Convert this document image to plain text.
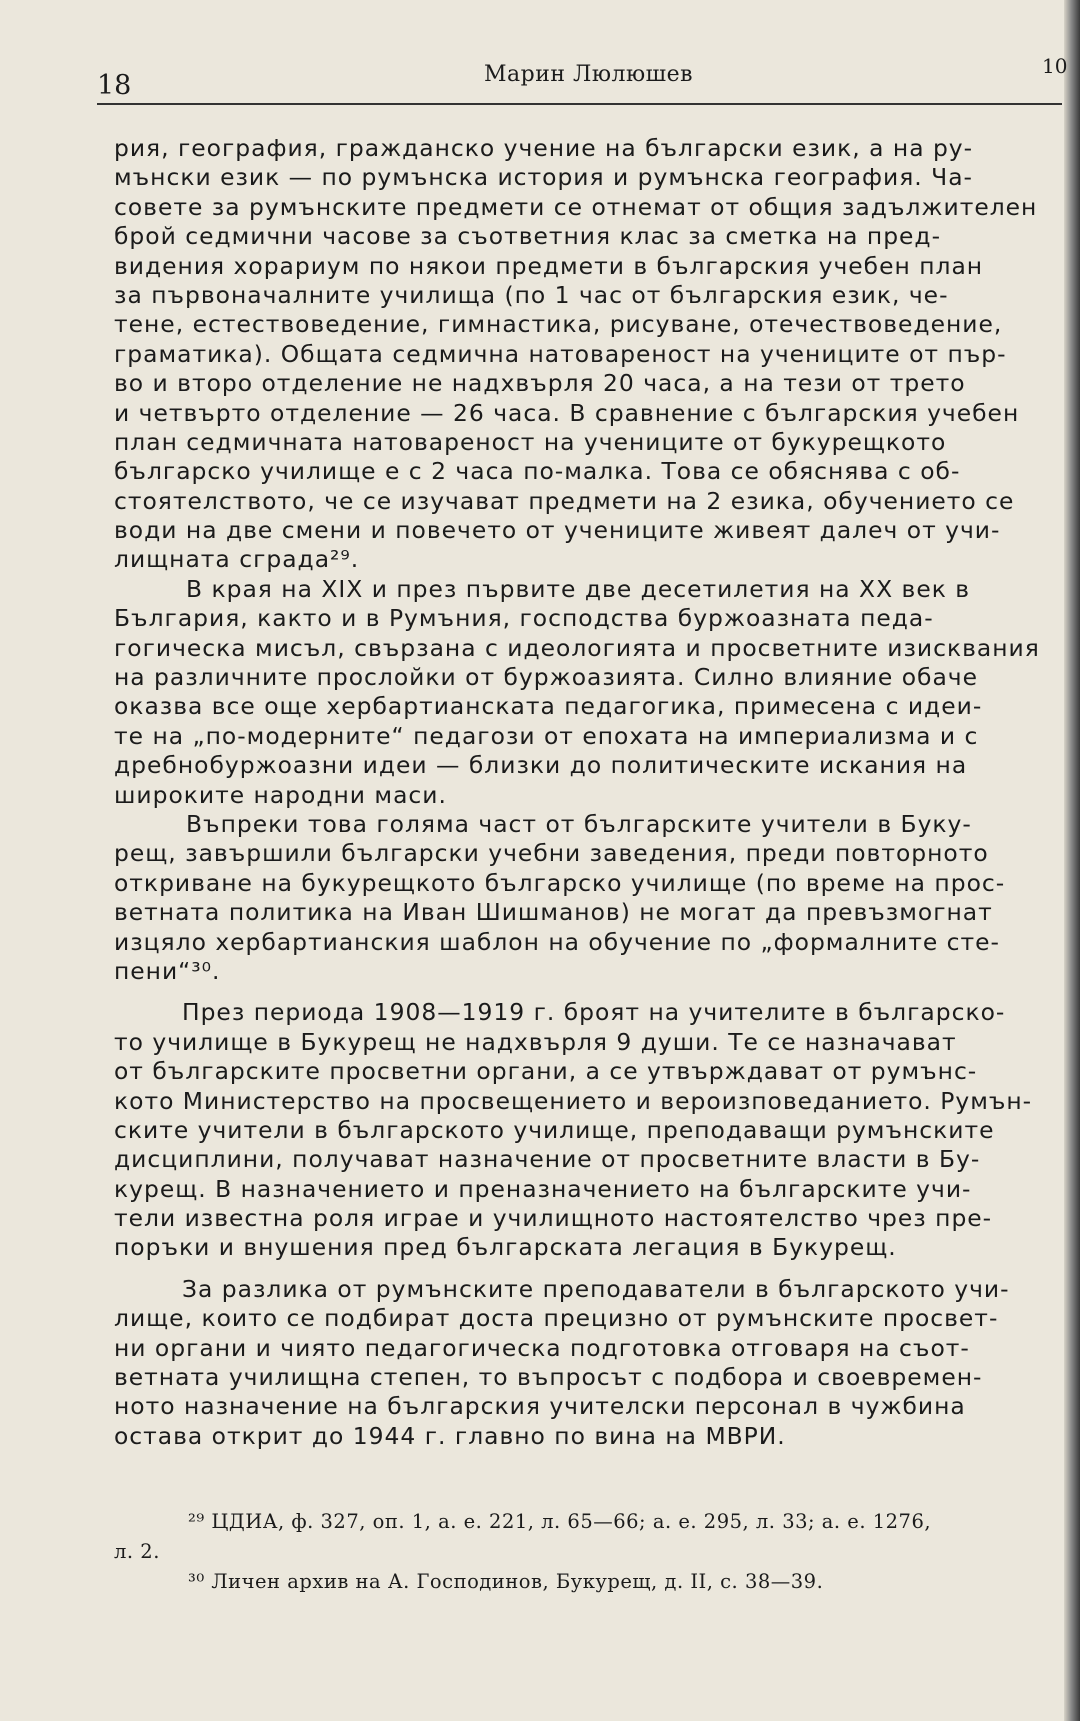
18	Марин Люлюшев	10
рия, география, гражданско учение на български език, а на ру-
мънски език — по румънска история и румънска география. Ча-
совете за румънските предмети се отнемат от общия задължителен
брой седмични часове за съответния клас за сметка на пред-
видения хорариум по някои предмети в българския учебен план
за първоначалните училища (по 1 час от българския език, че-
тене, естествоведение, гимнастика, рисуване, отечествоведение,
граматика). Общата седмична натовареност на учениците от пър-
во и второ отделение не надхвърля 20 часа, а на тези от трето
и четвърто отделение — 26 часа. В сравнение с българския учебен
план седмичната натовареност на учениците от букурещкото
българско училище е с 2 часа по-малка. Това се обяснява с об-
стоятелството, че се изучават предмети на 2 езика, обучението се
води на две смени и повечето от учениците живеят далеч от учи-
лищната сграда²⁹.
В края на XIX и през първите две десетилетия на XX век в
България, както и в Румъния, господства буржоазната педа-
гогическа мисъл, свързана с идеологията и просветните изисквания
на различните прослойки от буржоазията. Силно влияние обаче
оказва все още хербартианската педагогика, примесена с идеи-
те на „по-модерните“ педагози от епохата на империализма и с
дребнобуржоазни идеи — близки до политическите искания на
широките народни маси.
Въпреки това голяма част от българските учители в Буку-
рещ, завършили български учебни заведения, преди повторното
откриване на букурещкото българско училище (по време на прос-
ветната политика на Иван Шишманов) не могат да превъзмогнат
изцяло хербартианския шаблон на обучение по „формалните сте-
пени“³⁰.
През периода 1908—1919 г. броят на учителите в българско-
то училище в Букурещ не надхвърля 9 души. Те се назначават
от българските просветни органи, а се утвърждават от румънс-
кото Министерство на просвещението и вероизповеданието. Румън-
ските учители в българското училище, преподаващи румънските
дисциплини, получават назначение от просветните власти в Бу-
курещ. В назначението и преназначението на българските учи-
тели известна роля играе и училищното настоятелство чрез пре-
поръки и внушения пред българската легация в Букурещ.
За разлика от румънските преподаватели в българското учи-
лище, които се подбират доста прецизно от румънските просвет-
ни органи и чиято педагогическа подготовка отговаря на съот-
ветната училищна степен, то въпросът с подбора и своевремен-
ното назначение на българския учителски персонал в чужбина
остава открит до 1944 г. главно по вина на МВРИ.
²⁹ ЦДИА, ф. 327, оп. 1, а. е. 221, л. 65—66; а. е. 295, л. 33; а. е. 1276,
л. 2.
³⁰ Личен архив на А. Господинов, Букурещ, д. II, с. 38—39.
